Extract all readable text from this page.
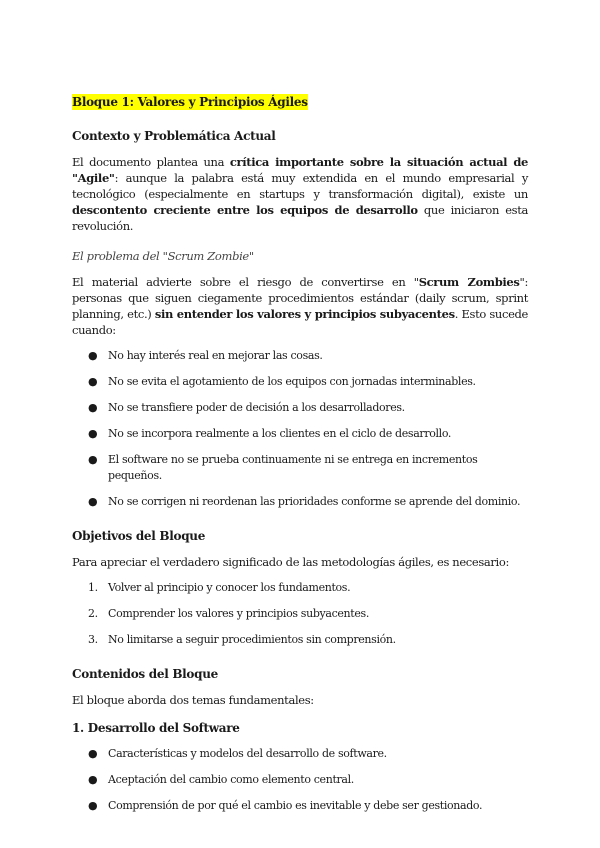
Bloque 1: Valores y Principios Ágiles
Contexto y Problemática Actual

El documento plantea una crítica importante sobre la situación actual de "Agile": aunque la palabra está muy extendida en el mundo empresarial y tecnológico (especialmente en startups y transformación digital), existe un descontento creciente entre los equipos de desarrollo que iniciaron esta revolución.

El problema del "Scrum Zombie"

El material advierte sobre el riesgo de convertirse en "Scrum Zombies": personas que siguen ciegamente procedimientos estándar (daily scrum, sprint planning, etc.) sin entender los valores y principios subyacentes. Esto sucede cuando:

● No hay interés real en mejorar las cosas.
● No se evita el agotamiento de los equipos con jornadas interminables.
● No se transfiere poder de decisión a los desarrolladores.
● No se incorpora realmente a los clientes en el ciclo de desarrollo.
● El software no se prueba continuamente ni se entrega en incrementos pequeños.
● No se corrigen ni reordenan las prioridades conforme se aprende del dominio.
Objetivos del Bloque

Para apreciar el verdadero significado de las metodologías ágiles, es necesario:

1. Volver al principio y conocer los fundamentos.
2. Comprender los valores y principios subyacentes.
3. No limitarse a seguir procedimientos sin comprensión.
Contenidos del Bloque

El bloque aborda dos temas fundamentales:

1. Desarrollo del Software
● Características y modelos del desarrollo de software.
● Aceptación del cambio como elemento central.
● Comprensión de por qué el cambio es inevitable y debe ser gestionado.
